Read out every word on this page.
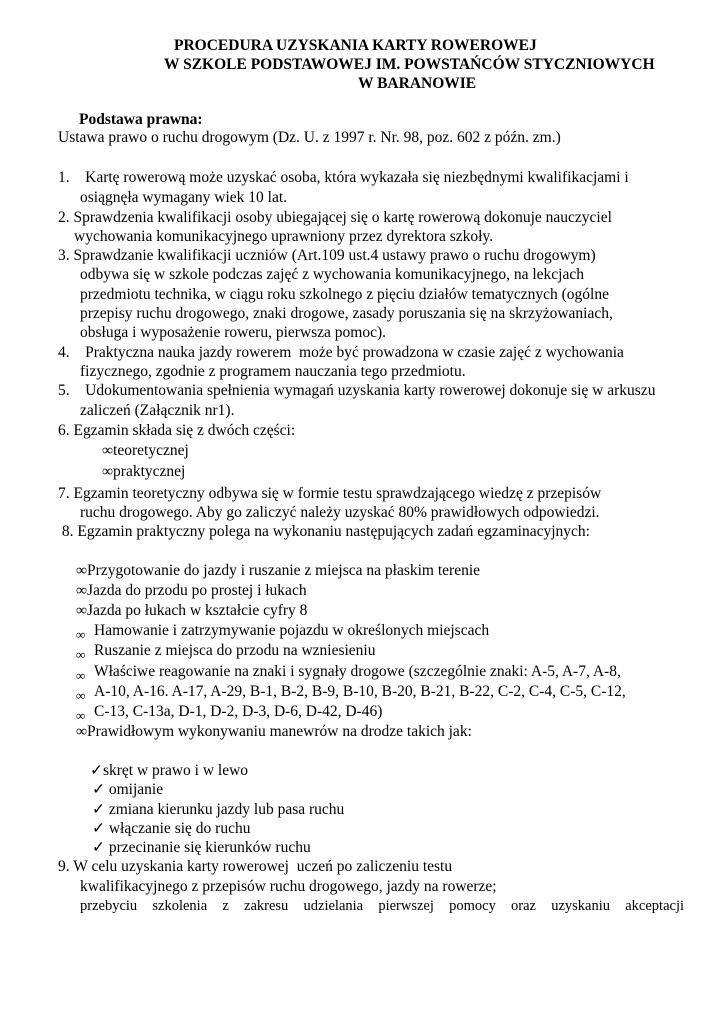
PROCEDURA UZYSKANIA KARTY ROWEROWEJ
W SZKOLE PODSTAWOWEJ IM. POWSTAŃCÓW STYCZNIOWYCH
W BARANOWIE
Podstawa prawna:
Ustawa prawo o ruchu drogowym (Dz. U. z 1997 r. Nr. 98, poz. 602 z późn. zm.)
1.    Kartę rowerową może uzyskać osoba, która wykazała się niezbędnymi kwalifikacjami i
osiągnęła wymagany wiek 10 lat.
2. Sprawdzenia kwalifikacji osoby ubiegającej się o kartę rowerową dokonuje nauczyciel
wychowania komunikacyjnego uprawniony przez dyrektora szkoły.
3. Sprawdzanie kwalifikacji uczniów (Art.109 ust.4 ustawy prawo o ruchu drogowym)
odbywa się w szkole podczas zajęć z wychowania komunikacyjnego, na lekcjach
przedmiotu technika, w ciągu roku szkolnego z pięciu działów tematycznych (ogólne
przepisy ruchu drogowego, znaki drogowe, zasady poruszania się na skrzyżowaniach,
obsługa i wyposażenie roweru, pierwsza pomoc).
4.    Praktyczna nauka jazdy rowerem  może być prowadzona w czasie zajęć z wychowania
fizycznego, zgodnie z programem nauczania tego przedmiotu.
5.    Udokumentowania spełnienia wymagań uzyskania karty rowerowej dokonuje się w arkuszu
zaliczeń (Załącznik nr1).
6. Egzamin składa się z dwóch części:
∞teoretycznej
∞praktycznej
7. Egzamin teoretyczny odbywa się w formie testu sprawdzającego wiedzę z przepisów
ruchu drogowego. Aby go zaliczyć należy uzyskać 80% prawidłowych odpowiedzi.
8. Egzamin praktyczny polega na wykonaniu następujących zadań egzaminacyjnych:
∞Przygotowanie do jazdy i ruszanie z miejsca na płaskim terenie
∞Jazda do przodu po prostej i łukach
∞Jazda po łukach w kształcie cyfry 8
∞ Hamowanie i zatrzymywanie pojazdu w określonych miejscach
∞ Ruszanie z miejsca do przodu na wzniesieniu
∞ Właściwe reagowanie na znaki i sygnały drogowe (szczególnie znaki: A-5, A-7, A-8,
∞ A-10, A-16. A-17, A-29, B-1, B-2, B-9, B-10, B-20, B-21, B-22, C-2, C-4, C-5, C-12,
∞ C-13, C-13a, D-1, D-2, D-3, D-6, D-42, D-46)
∞Prawidłowym wykonywaniu manewrów na drodze takich jak:
✓skręt w prawo i w lewo
✓ omijanie
✓ zmiana kierunku jazdy lub pasa ruchu
✓ włączanie się do ruchu
✓ przecinanie się kierunków ruchu
9. W celu uzyskania karty rowerowej  uczeń po zaliczeniu testu
kwalifikacyjnego z przepisów ruchu drogowego, jazdy na rowerze;
przebyciu szkolenia z zakresu udzielania pierwszej pomocy oraz uzyskaniu akceptacji
